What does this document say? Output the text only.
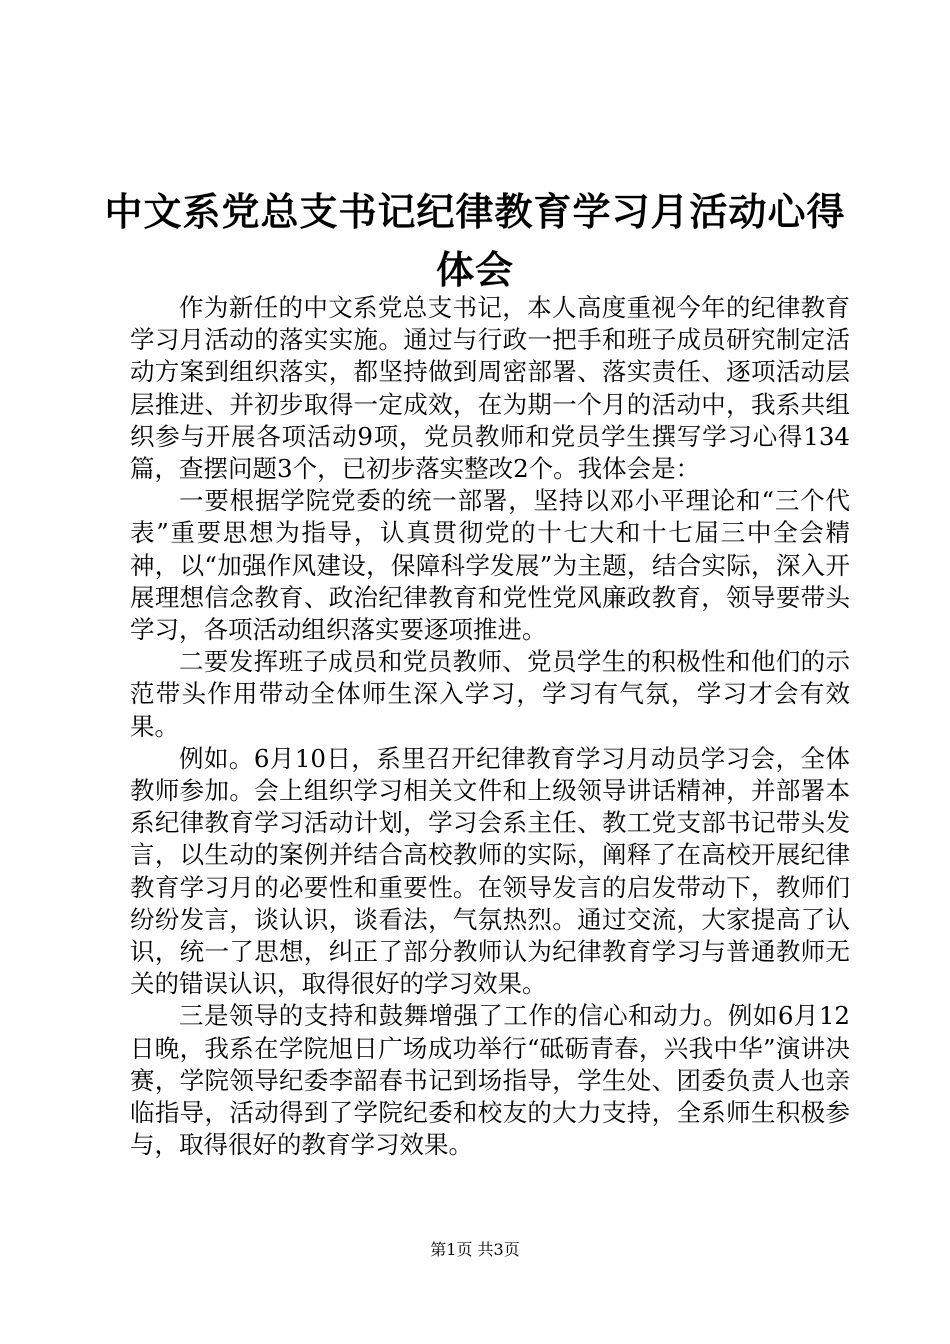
中文系党总支书记纪律教育学习月活动心得体会

作为新任的中文系党总支书记，本人高度重视今年的纪律教育学习月活动的落实实施。通过与行政一把手和班子成员研究制定活动方案到组织落实，都坚持做到周密部署、落实责任、逐项活动层层推进、并初步取得一定成效，在为期一个月的活动中，我系共组织参与开展各项活动9项，党员教师和党员学生撰写学习心得134篇，查摆问题3个，已初步落实整改2个。我体会是：

一要根据学院党委的统一部署，坚持以邓小平理论和“三个代表”重要思想为指导，认真贯彻党的十七大和十七届三中全会精神，以“加强作风建设，保障科学发展”为主题，结合实际，深入开展理想信念教育、政治纪律教育和党性党风廉政教育，领导要带头学习，各项活动组织落实要逐项推进。

二要发挥班子成员和党员教师、党员学生的积极性和他们的示范带头作用带动全体师生深入学习，学习有气氛，学习才会有效果。

例如。6月10日，系里召开纪律教育学习月动员学习会，全体教师参加。会上组织学习相关文件和上级领导讲话精神，并部署本系纪律教育学习活动计划，学习会系主任、教工党支部书记带头发言，以生动的案例并结合高校教师的实际，阐释了在高校开展纪律教育学习月的必要性和重要性。在领导发言的启发带动下，教师们纷纷发言，谈认识，谈看法，气氛热烈。通过交流，大家提高了认识，统一了思想，纠正了部分教师认为纪律教育学习与普通教师无关的错误认识，取得很好的学习效果。

三是领导的支持和鼓舞增强了工作的信心和动力。例如6月12日晚，我系在学院旭日广场成功举行“砥砺青春，兴我中华”演讲决赛，学院领导纪委李韶春书记到场指导，学生处、团委负责人也亲临指导，活动得到了学院纪委和校友的大力支持，全系师生积极参与，取得很好的教育学习效果。

第1页 共3页
